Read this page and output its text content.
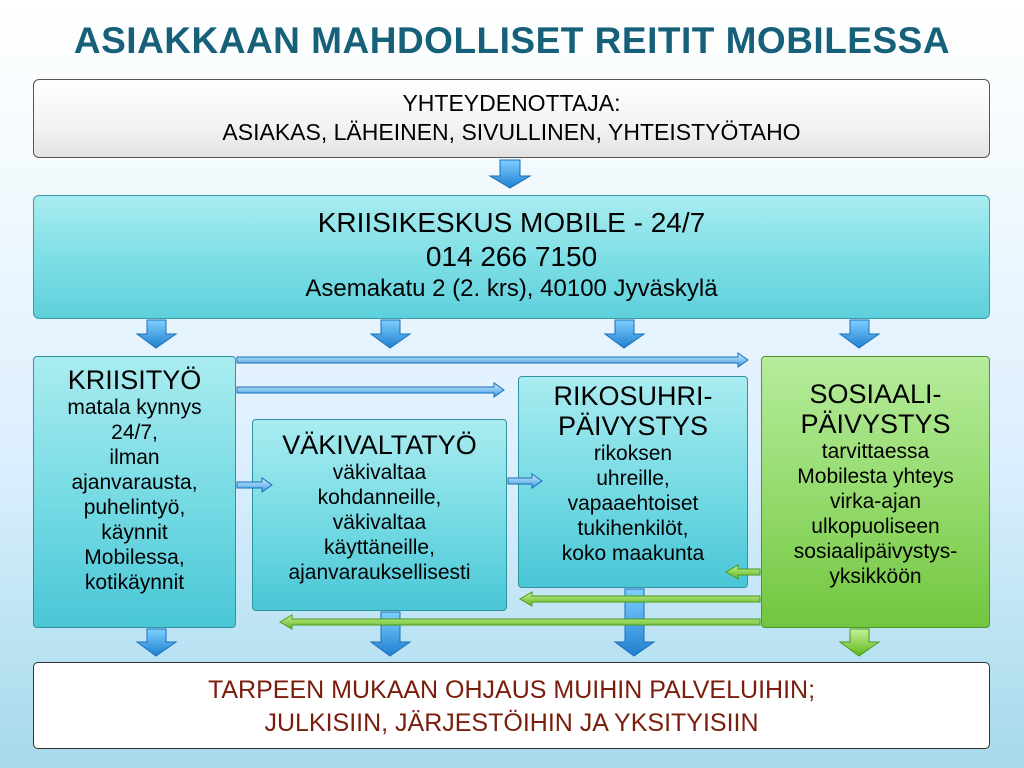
ASIAKKAAN MAHDOLLISET REITIT MOBILESSA
YHTEYDENOTTAJA:
ASIAKAS, LÄHEINEN, SIVULLINEN, YHTEISTYÖTAHO
KRIISIKESKUS MOBILE - 24/7
014 266 7150
Asemakatu 2 (2. krs), 40100 Jyväskylä
KRIISITYÖ
matala kynnys
24/7,
ilman
ajanvarausta,
puhelintyö,
käynnit
Mobilessa,
kotikäynnit
VÄKIVALTATYÖ
väkivaltaa
kohdanneille,
väkivaltaa
käyttäneille,
ajanvarauksellisesti
RIKOSUHRI-
PÄIVYSTYS
rikoksen
uhreille,
vapaaehtoiset
tukihenkilöt,
koko maakunta
SOSIAALI-
PÄIVYSTYS
tarvittaessa
Mobilesta yhteys
virka-ajan
ulkopuoliseen
sosiaalipäivystys-
yksikköön
TARPEEN MUKAAN OHJAUS MUIHIN PALVELUIHIN;
JULKISIIN, JÄRJESTÖIHIN JA YKSITYISIIN
